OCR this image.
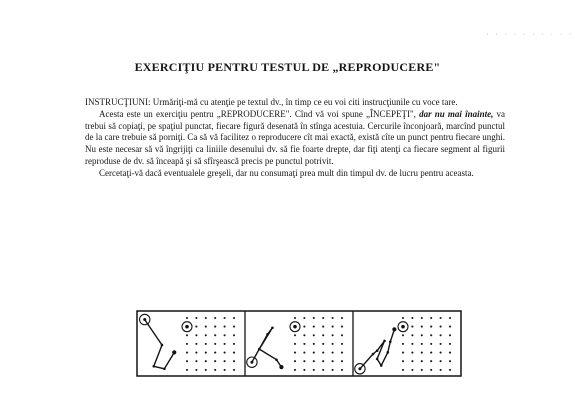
· · · · · · · · · ·
EXERCIŢIU PENTRU TESTUL DE „REPRODUCERE"

INSTRUCŢIUNI: Urmăriţi-mă cu atenţie pe textul dv., în timp ce eu voi citi instrucţiunile cu voce tare.

Acesta este un exerciţiu pentru „REPRODUCERE". Cînd vă voi spune „ÎNCEPEŢI", dar nu mai înainte, va trebui să copiaţi, pe spaţiul punctat, fiecare figură desenată în stînga acestuia. Cercurile înconjoară, marcînd punctul de la care trebuie să porniţi. Ca să vă facilitez o reproducere cît mai exactă, există cîte un punct pentru fiecare unghi. Nu este necesar să vă îngrijiţi ca liniile desenului dv. să fie foarte drepte, dar fiţi atenţi ca fiecare segment al figurii reproduse de dv. să înceapă şi să sfîrşească precis pe punctul potrivit.

Cercetaţi-vă dacă eventualele greşeli, dar nu consumaţi prea mult din timpul dv. de lucru pentru aceasta.
